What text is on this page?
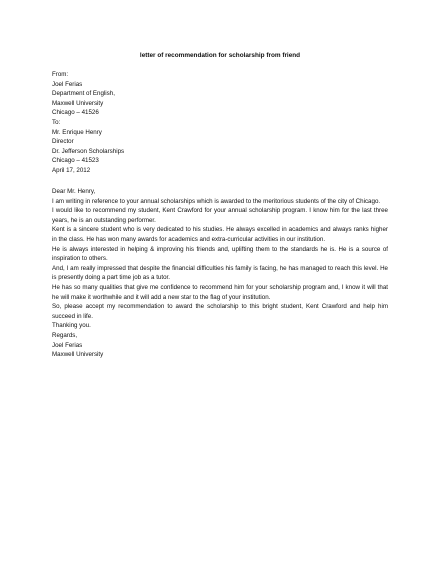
letter of recommendation for scholarship from friend
From:
Joel Ferias
Department of English,
Maxwell University
Chicago – 41526
To:
Mr. Enrique Henry
Director
Dr. Jefferson Scholarships
Chicago – 41523
April 17, 2012
Dear Mr. Henry,
I am writing in reference to your annual scholarships which is awarded to the meritorious students of the city of Chicago.
I would like to recommend my student, Kent Crawford for your annual scholarship program. I know him for the last three years, he is an outstanding performer.
Kent is a sincere student who is very dedicated to his studies. He always excelled in academics and always ranks higher in the class. He has won many awards for academics and extra-curricular activities in our institution.
He is always interested in helping & improving his friends and, uplifting them to the standards he is. He is a source of inspiration to others.
And, I am really impressed that despite the financial difficulties his family is facing, he has managed to reach this level. He is presently doing a part time job as a tutor.
He has so many qualities that give me confidence to recommend him for your scholarship program and, I know it will that he will make it worthwhile and it will add a new star to the flag of your institution.
So, please accept my recommendation to award the scholarship to this bright student, Kent Crawford and help him succeed in life.
Thanking you.
Regards,
Joel Ferias
Maxwell University
